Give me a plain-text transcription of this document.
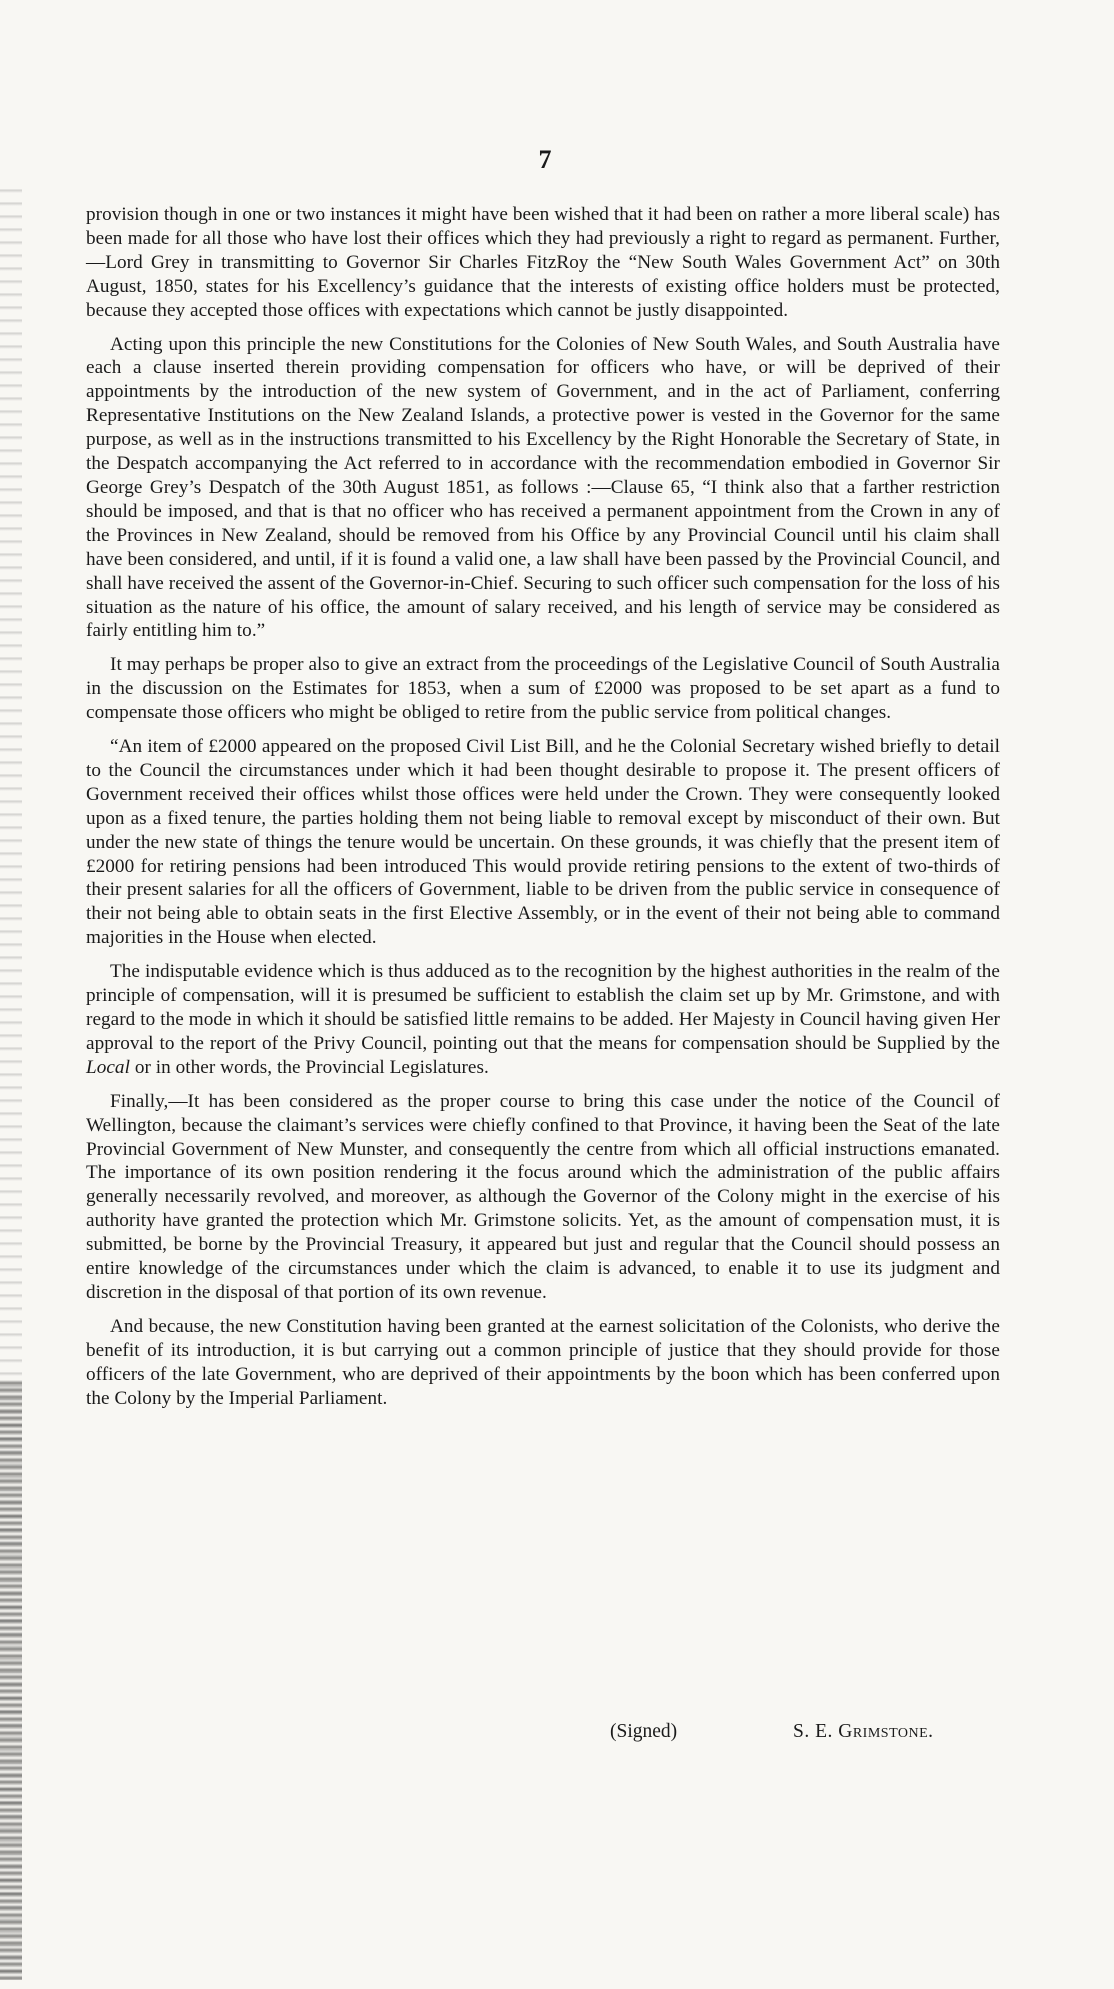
7

provision though in one or two instances it might have been wished that it had been on rather a more liberal scale) has been made for all those who have lost their offices which they had previously a right to regard as permanent. Further,—Lord Grey in transmitting to Governor Sir Charles FitzRoy the “New South Wales Government Act” on 30th August, 1850, states for his Excellency’s guidance that the interests of existing office holders must be protected, because they accepted those offices with expectations which cannot be justly disappointed.

Acting upon this principle the new Constitutions for the Colonies of New South Wales, and South Australia have each a clause inserted therein providing compensation for officers who have, or will be deprived of their appointments by the introduction of the new system of Government, and in the act of Parliament, conferring Representative Institutions on the New Zealand Islands, a protective power is vested in the Governor for the same purpose, as well as in the instructions transmitted to his Excellency by the Right Honorable the Secretary of State, in the Despatch accompanying the Act referred to in accordance with the recommendation embodied in Governor Sir George Grey’s Despatch of the 30th August 1851, as follows :—Clause 65, “I think also that a farther restriction should be imposed, and that is that no officer who has received a permanent appointment from the Crown in any of the Provinces in New Zealand, should be removed from his Office by any Provincial Council until his claim shall have been considered, and until, if it is found a valid one, a law shall have been passed by the Provincial Council, and shall have received the assent of the Governor-in-Chief. Securing to such officer such compensation for the loss of his situation as the nature of his office, the amount of salary received, and his length of service may be considered as fairly entitling him to.”

It may perhaps be proper also to give an extract from the proceedings of the Legislative Council of South Australia in the discussion on the Estimates for 1853, when a sum of £2000 was proposed to be set apart as a fund to compensate those officers who might be obliged to retire from the public service from political changes.

“An item of £2000 appeared on the proposed Civil List Bill, and he the Colonial Secretary wished briefly to detail to the Council the circumstances under which it had been thought desirable to propose it. The present officers of Government received their offices whilst those offices were held under the Crown. They were consequently looked upon as a fixed tenure, the parties holding them not being liable to removal except by misconduct of their own. But under the new state of things the tenure would be uncertain. On these grounds, it was chiefly that the present item of £2000 for retiring pensions had been introduced This would provide retiring pensions to the extent of two-thirds of their present salaries for all the officers of Government, liable to be driven from the public service in consequence of their not being able to obtain seats in the first Elective Assembly, or in the event of their not being able to command majorities in the House when elected.

The indisputable evidence which is thus adduced as to the recognition by the highest authorities in the realm of the principle of compensation, will it is presumed be sufficient to establish the claim set up by Mr. Grimstone, and with regard to the mode in which it should be satisfied little remains to be added. Her Majesty in Council having given Her approval to the report of the Privy Council, pointing out that the means for compensation should be Supplied by the Local or in other words, the Provincial Legislatures.

Finally,—It has been considered as the proper course to bring this case under the notice of the Council of Wellington, because the claimant’s services were chiefly confined to that Province, it having been the Seat of the late Provincial Government of New Munster, and consequently the centre from which all official instructions emanated. The importance of its own position rendering it the focus around which the administration of the public affairs generally necessarily revolved, and moreover, as although the Governor of the Colony might in the exercise of his authority have granted the protection which Mr. Grimstone solicits. Yet, as the amount of compensation must, it is submitted, be borne by the Provincial Treasury, it appeared but just and regular that the Council should possess an entire knowledge of the circumstances under which the claim is advanced, to enable it to use its judgment and discretion in the disposal of that portion of its own revenue.

And because, the new Constitution having been granted at the earnest solicitation of the Colonists, who derive the benefit of its introduction, it is but carrying out a common principle of justice that they should provide for those officers of the late Government, who are deprived of their appointments by the boon which has been conferred upon the Colony by the Imperial Parliament.

(Signed)	S. E. Grimstone.
